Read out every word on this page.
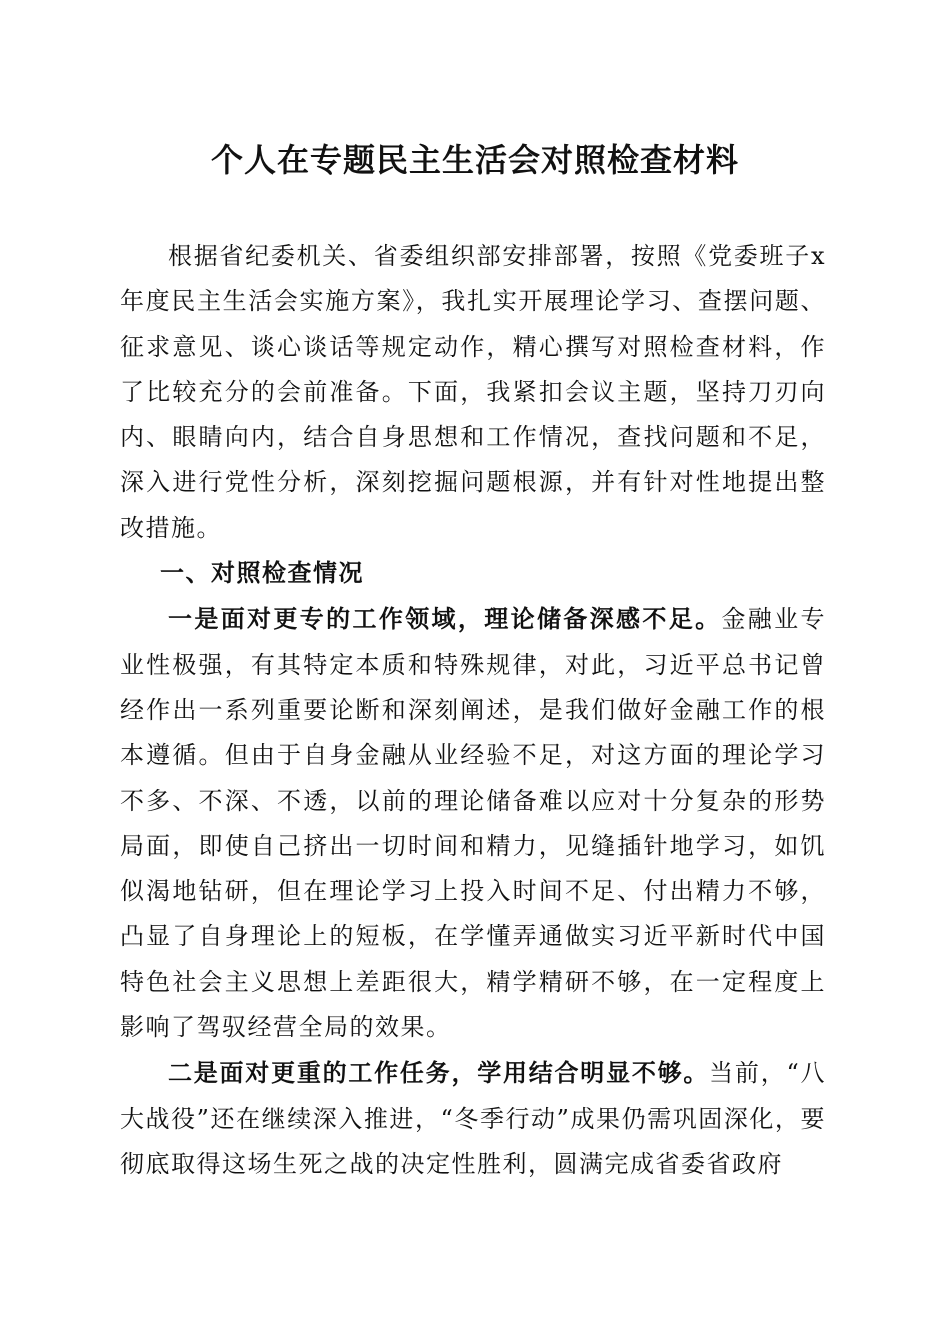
个人在专题民主生活会对照检查材料

根据省纪委机关、省委组织部安排部署，按照《党委班子x年度民主生活会实施方案》，我扎实开展理论学习、查摆问题、征求意见、谈心谈话等规定动作，精心撰写对照检查材料，作了比较充分的会前准备。下面，我紧扣会议主题，坚持刀刃向内、眼睛向内，结合自身思想和工作情况，查找问题和不足，深入进行党性分析，深刻挖掘问题根源，并有针对性地提出整改措施。

一、对照检查情况

一是面对更专的工作领域，理论储备深感不足。金融业专业性极强，有其特定本质和特殊规律，对此，习近平总书记曾经作出一系列重要论断和深刻阐述，是我们做好金融工作的根本遵循。但由于自身金融从业经验不足，对这方面的理论学习不多、不深、不透，以前的理论储备难以应对十分复杂的形势局面，即使自己挤出一切时间和精力，见缝插针地学习，如饥似渴地钻研，但在理论学习上投入时间不足、付出精力不够，凸显了自身理论上的短板，在学懂弄通做实习近平新时代中国特色社会主义思想上差距很大，精学精研不够，在一定程度上影响了驾驭经营全局的效果。

二是面对更重的工作任务，学用结合明显不够。当前，“八大战役”还在继续深入推进，“冬季行动”成果仍需巩固深化，要彻底取得这场生死之战的决定性胜利，圆满完成省委省政府
